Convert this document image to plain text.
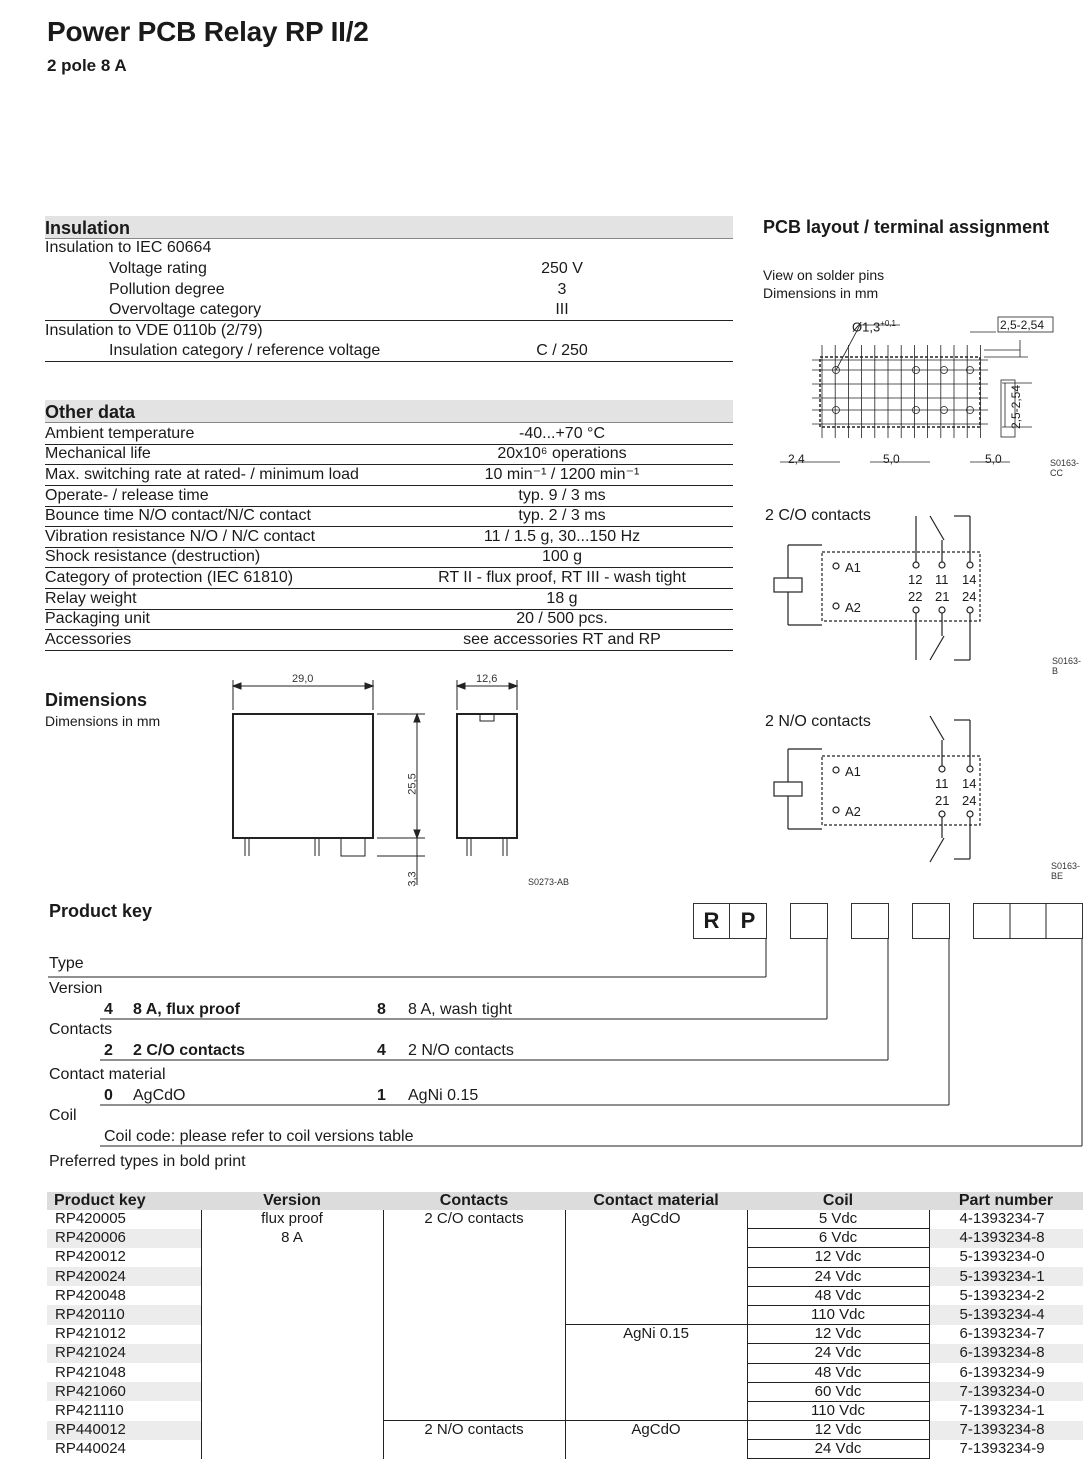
Power PCB Relay RP II/2
2 pole 8 A
Insulation
Insulation to IEC 60664
Voltage rating	250 V
Pollution degree	3
Overvoltage category	III
Insulation to VDE 0110b (2/79)
Insulation category / reference voltage	C / 250
Other data
Ambient temperature	-40...+70 °C
Mechanical life	20x10⁶ operations
Max. switching rate at rated- / minimum load	10 min⁻¹ / 1200 min⁻¹
Operate- / release time	typ. 9 / 3 ms
Bounce time N/O contact/N/C contact	typ. 2 / 3 ms
Vibration resistance N/O / N/C contact	11 / 1.5 g, 30...150 Hz
Shock resistance (destruction)	100 g
Category of protection (IEC 61810)	RT II - flux proof, RT III - wash tight
Relay weight	18 g
Packaging unit	20 / 500 pcs.
Accessories	see accessories RT and RP
Dimensions
Dimensions in mm
29,0	12,6
25,5
3,3	S0273-AB
PCB layout / terminal assignment
View on solder pins
Dimensions in mm
$Ø1,3^{+0,1}$	2,5-2,54
2,5-2,54
2,4	5,0	5,0	S0163-CC
2 C/O contacts
A1
A2
12 11 14
22 21 24
S0163-B
2 N/O contacts
A1
A2
11 14
21 24
S0163-BE
Product key	R P
Type
Version
4 8 A, flux proof	8 8 A, wash tight
Contacts
2 2 C/O contacts	4 2 N/O contacts
Contact material
0 AgCdO	1 AgNi 0.15
Coil
Coil code: please refer to coil versions table
Preferred types in bold print
Product key	Version	Contacts	Contact material	Coil	Part number
RP420005	flux proof	2 C/O contacts	AgCdO	5 Vdc	4-1393234-7
RP420006	8 A			6 Vdc	4-1393234-8
RP420012				12 Vdc	5-1393234-0
RP420024				24 Vdc	5-1393234-1
RP420048				48 Vdc	5-1393234-2
RP420110				110 Vdc	5-1393234-4
RP421012			AgNi 0.15	12 Vdc	6-1393234-7
RP421024				24 Vdc	6-1393234-8
RP421048				48 Vdc	6-1393234-9
RP421060				60 Vdc	7-1393234-0
RP421110				110 Vdc	7-1393234-1
RP440012		2 N/O contacts	AgCdO	12 Vdc	7-1393234-8
RP440024				24 Vdc	7-1393234-9
